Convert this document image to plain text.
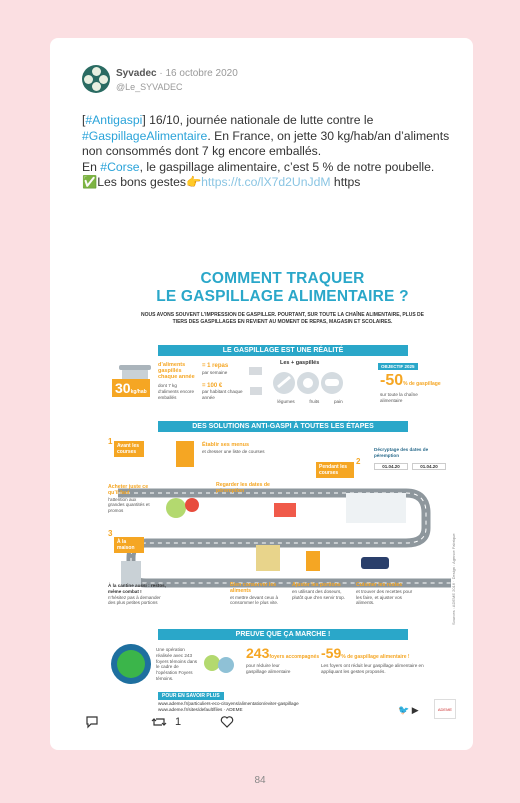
Syvadec · 16 octobre 2020
@Le_SYVADEC
[#Antigaspi] 16/10, journée nationale de lutte contre le #GaspillageAlimentaire. En France, on jette 30 kg/hab/an d’aliments non consommés dont 7 kg encore emballés.
En #Corse, le gaspillage alimentaire, c’est 5 % de notre poubelle.
✅Les bons gestes👉https://t.co/lX7d2UnJdM https
COMMENT TRAQUER
LE GASPILLAGE ALIMENTAIRE ?
NOUS AVONS SOUVENT L’IMPRESSION DE GASPILLER. POURTANT, SUR TOUTE LA CHAÎNE ALIMENTAIRE, PLUS DE TIERS DES GASPILLAGES EN REVIENT AU MOMENT DE REPAS, MAGASIN ET SCOLAIRES.
LE GASPILLAGE EST UNE RÉALITÉ
30kg/hab
d’aliments gaspillés chaque année
dont 7 kg d’aliments encore emballés
= 1 repas
par semaine
= 100 €
par habitant chaque année
Les + gaspillés
légumes	fruits	pain
OBJECTIF 2025
-50% de gaspillage
sur toute la chaîne alimentaire
DES SOLUTIONS ANTI-GASPI À TOUTES LES ÉTAPES
1 Avant les courses
Établir ses menus
et dresser une liste de courses
2
Pendant les courses
Décryptage des dates de péremption
01.04.20	01.04.20
Acheter juste ce qu’il faut
l’attention aux grandes quantités et promos
Regarder les dates de péremption
3
À la maison
À la cantine aussi : restos, même combat !
n’hésitez pas à demander des plus petites portions
Bien conserver les aliments
et mettre devant ceux à consommer le plus vite.
Ajuster les portions
en utilisant des doseurs, plutôt que d’en servir trop.
Cuisiner les restes
et trouver des recettes pour les faire, et ajuster vos aliments.
PREUVE QUE ÇA MARCHE !
Une opération réalisée avec 243 foyers témoins dans le cadre de l’opération Foyers témoins.
243foyers accompagnés
pour réduire leur gaspillage alimentaire
-59% de gaspillage alimentaire !
Les foyers ont réduit leur gaspillage alimentaire en appliquant les gestes proposés.
POUR EN SAVOIR PLUS
www.ademe.fr/particuliers-eco-citoyens/alimentation/eviter-gaspillage www.ademe.fr/sites/default/files · ADEME	🐦 ▶	ADEME
Sources : ADEME 2016 · Design : Agence Fabrique
1
84
